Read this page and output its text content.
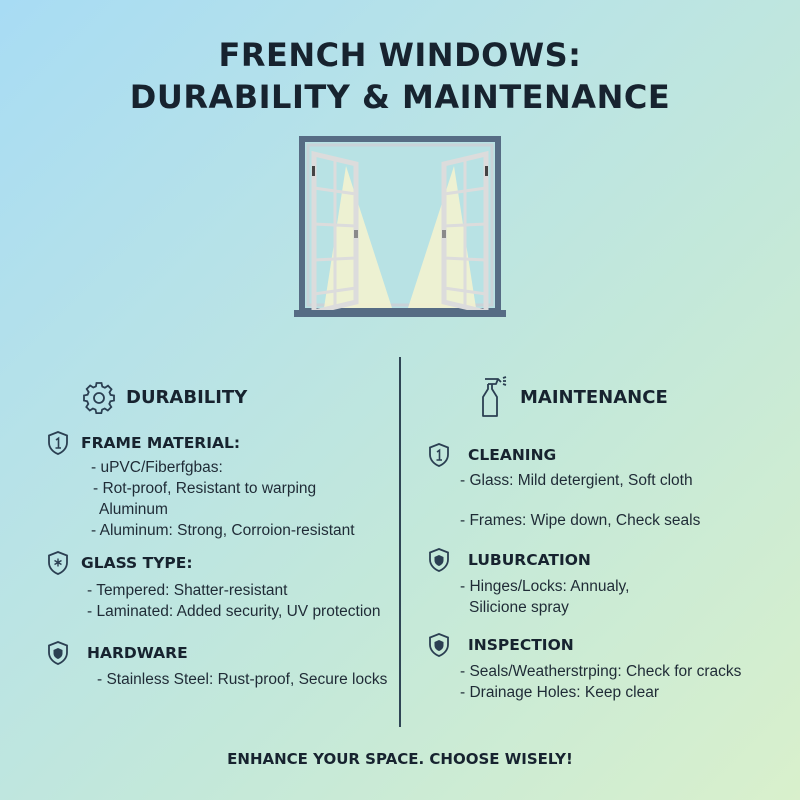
FRENCH WINDOWS:
DURABILITY & MAINTENANCE
DURABILITY	MAINTENANCE
FRAME MATERIAL:
- uPVC/Fiberfgbas:
- Rot-proof, Resistant to warping
Aluminum
- Aluminum: Strong, Corroion-resistant
GLASS TYPE:
- Tempered: Shatter-resistant
- Laminated: Added security, UV protection
HARDWARE
- Stainless Steel: Rust-proof, Secure locks
CLEANING
- Glass: Mild detergient, Soft cloth
- Frames: Wipe down, Check seals
LUBURCATION
- Hinges/Locks: Annualy,
Silicione spray
INSPECTION
- Seals/Weatherstrping: Check for cracks
- Drainage Holes: Keep clear
ENHANCE YOUR SPACE. CHOOSE WISELY!
